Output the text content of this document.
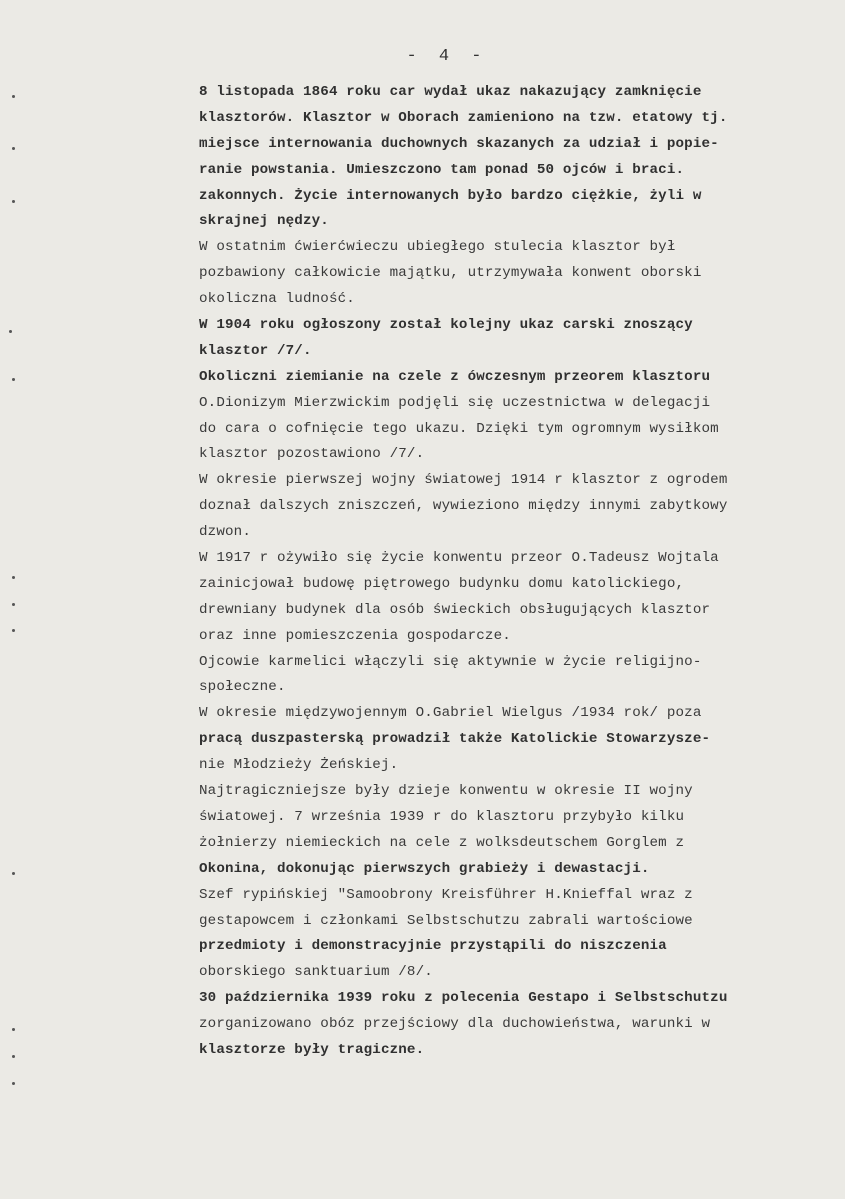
- 4 -
8 listopada 1864 roku car wydał ukaz nakazujący zamknięcie
klasztorów. Klasztor w Oborach zamieniono na tzw. etatowy tj.
miejsce internowania duchownych skazanych za udział i popie-
ranie powstania. Umieszczono tam ponad 50 ojców i braci.
zakonnych. Życie internowanych było bardzo ciężkie, żyli w
skrajnej nędzy.
W ostatnim ćwierćwieczu ubiegłego stulecia klasztor był
pozbawiony całkowicie majątku, utrzymywała konwent oborski
okoliczna ludność.
W 1904 roku ogłoszony został kolejny ukaz carski znoszący
klasztor /7/.
Okoliczni ziemianie na czele z ówczesnym przeorem klasztoru
O.Dionizym Mierzwickim podjęli się uczestnictwa w delegacji
do cara o cofnięcie tego ukazu. Dzięki tym ogromnym wysiłkom
klasztor pozostawiono /7/.
W okresie pierwszej wojny światowej 1914 r klasztor z ogrodem
doznał dalszych zniszczeń, wywieziono między innymi zabytkowy
dzwon.
W 1917 r ożywiło się życie konwentu przeor O.Tadeusz Wojtala
zainicjował budowę piętrowego budynku domu katolickiego,
drewniany budynek dla osób świeckich obsługujących klasztor
oraz inne pomieszczenia gospodarcze.
Ojcowie karmelici włączyli się aktywnie w życie religijno-
społeczne.
W okresie międzywojennym O.Gabriel Wielgus /1934 rok/ poza
pracą duszpasterską prowadził także Katolickie Stowarzysze-
nie Młodzieży Żeńskiej.
Najtragiczniejsze były dzieje konwentu w okresie II wojny
światowej. 7 września 1939 r do klasztoru przybyło kilku
żołnierzy niemieckich na cele z wolksdeutschem Gorglem z
Okonina, dokonując pierwszych grabieży i dewastacji.
Szef rypińskiej "Samoobrony Kreisführer H.Knieffal wraz z
gestapowcem i członkami Selbstschutzu zabrali wartościowe
przedmioty i demonstracyjnie przystąpili do niszczenia
oborskiego sanktuarium /8/.
30 października 1939 roku z polecenia Gestapo i Selbstschutzu
zorganizowano obóz przejściowy dla duchowieństwa, warunki w
klasztorze były tragiczne.
